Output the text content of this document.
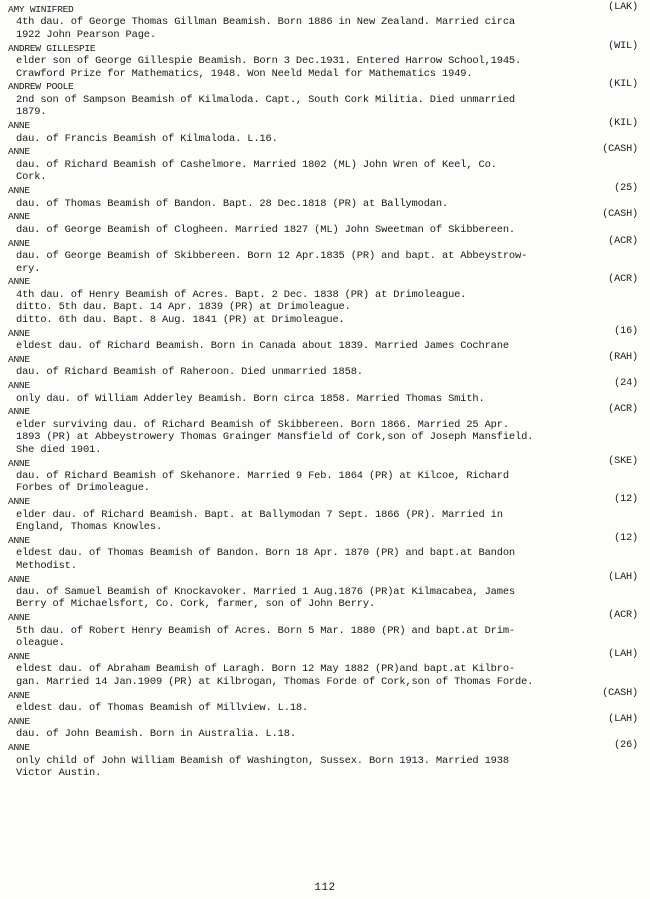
AMY WINIFRED	(LAK)
4th dau. of George Thomas Gillman Beamish. Born 1886 in New Zealand. Married circa
1922 John Pearson Page.
ANDREW GILLESPIE	(WIL)
elder son of George Gillespie Beamish. Born 3 Dec.1931. Entered Harrow School,1945.
Crawford Prize for Mathematics, 1948. Won Neeld Medal for Mathematics 1949.
ANDREW POOLE	(KIL)
2nd son of Sampson Beamish of Kilmaloda. Capt., South Cork Militia. Died unmarried
1879.
ANNE	(KIL)
dau. of Francis Beamish of Kilmaloda. L.16.
ANNE	(CASH)
dau. of Richard Beamish of Cashelmore. Married 1802 (ML) John Wren of Keel, Co.
Cork.
ANNE	(25)
dau. of Thomas Beamish of Bandon. Bapt. 28 Dec.1818 (PR) at Ballymodan.
ANNE	(CASH)
dau. of George Beamish of Clogheen. Married 1827 (ML) John Sweetman of Skibbereen.
ANNE	(ACR)
dau. of George Beamish of Skibbereen. Born 12 Apr.1835 (PR) and bapt. at Abbeystrow-
ery.
ANNE	(ACR)
4th dau. of Henry Beamish of Acres. Bapt. 2 Dec. 1838 (PR) at Drimoleague.
ditto. 5th dau. Bapt. 14 Apr. 1839 (PR) at Drimoleague.
ditto. 6th dau. Bapt. 8 Aug. 1841 (PR) at Drimoleague.
ANNE	(16)
eldest dau. of Richard Beamish. Born in Canada about 1839. Married James Cochrane
ANNE	(RAH)
dau. of Richard Beamish of Raheroon. Died unmarried 1858.
ANNE	(24)
only dau. of William Adderley Beamish. Born circa 1858. Married Thomas Smith.
ANNE	(ACR)
elder surviving dau. of Richard Beamish of Skibbereen. Born 1866. Married 25 Apr.
1893 (PR) at Abbeystrowery Thomas Grainger Mansfield of Cork,son of Joseph Mansfield.
She died 1901.
ANNE	(SKE)
dau. of Richard Beamish of Skehanore. Married 9 Feb. 1864 (PR) at Kilcoe, Richard
Forbes of Drimoleague.
ANNE	(12)
elder dau. of Richard Beamish. Bapt. at Ballymodan 7 Sept. 1866 (PR). Married in
England, Thomas Knowles.
ANNE	(12)
eldest dau. of Thomas Beamish of Bandon. Born 18 Apr. 1870 (PR) and bapt.at Bandon
Methodist.
ANNE	(LAH)
dau. of Samuel Beamish of Knockavoker. Married 1 Aug.1876 (PR)at Kilmacabea, James
Berry of Michaelsfort, Co. Cork, farmer, son of John Berry.
ANNE	(ACR)
5th dau. of Robert Henry Beamish of Acres. Born 5 Mar. 1880 (PR) and bapt.at Drim-
oleague.
ANNE	(LAH)
eldest dau. of Abraham Beamish of Laragh. Born 12 May 1882 (PR)and bapt.at Kilbro-
gan. Married 14 Jan.1909 (PR) at Kilbrogan, Thomas Forde of Cork,son of Thomas Forde.
ANNE	(CASH)
eldest dau. of Thomas Beamish of Millview. L.18.
ANNE	(LAH)
dau. of John Beamish. Born in Australia. L.18.
ANNE	(26)
only child of John William Beamish of Washington, Sussex. Born 1913. Married 1938
Victor Austin.
112
